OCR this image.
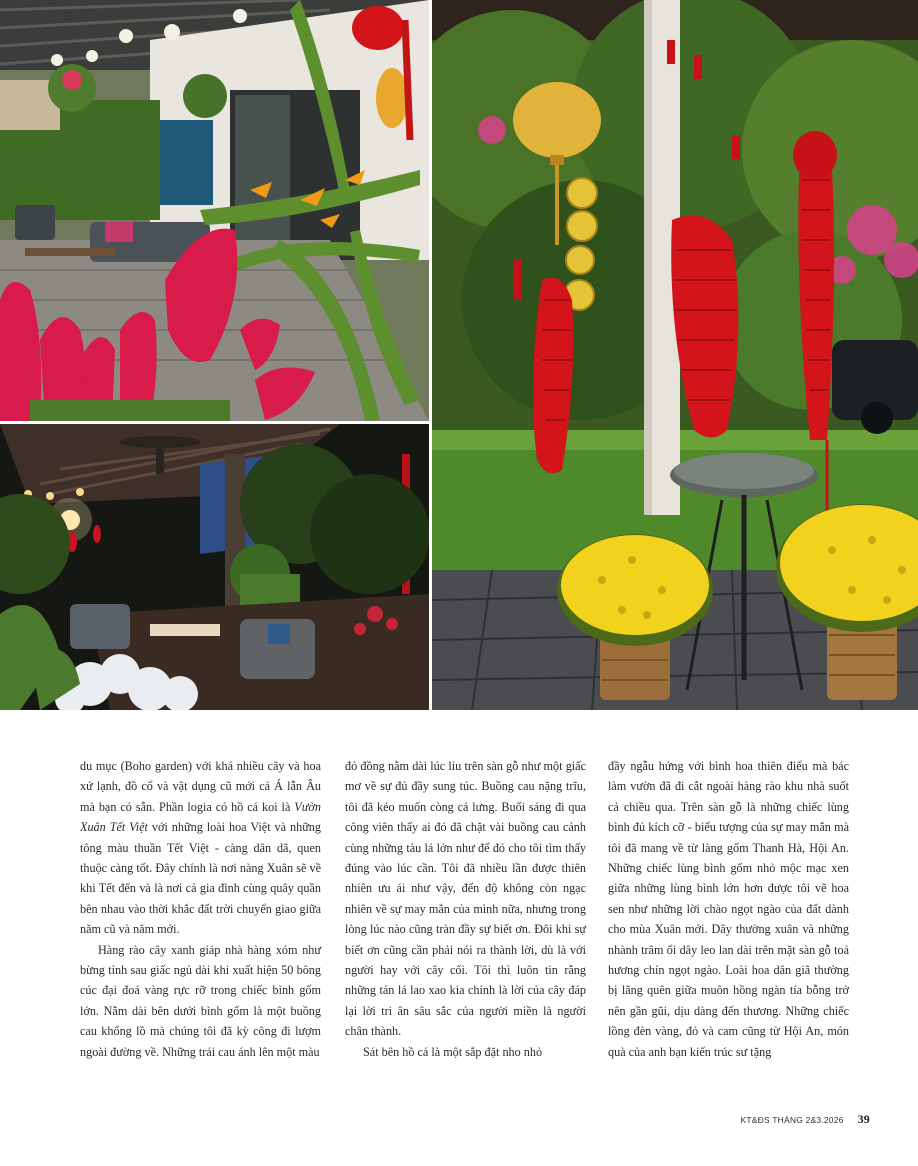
du mục (Boho garden) với khá nhiều cây và hoa xứ lạnh, đồ cổ và vật dụng cũ mới cả Á lẫn Âu mà bạn có sẵn. Phần logia có hồ cá koi là Vườn Xuân Tết Việt với những loài hoa Việt và những tông màu thuần Tết Việt - càng dân dã, quen thuộc càng tốt. Đây chính là nơi nàng Xuân sẽ về khi Tết đến và là nơi cả gia đình cùng quây quần bên nhau vào thời khắc đất trời chuyển giao giữa năm cũ và năm mới.

Hàng rào cây xanh giáp nhà hàng xóm như bừng tỉnh sau giấc ngủ dài khi xuất hiện 50 bông cúc đại đoá vàng rực rỡ trong chiếc bình gốm lớn. Nằm dài bên dưới bình gốm là một buồng cau khổng lồ mà chúng tôi đã kỳ công đi lượm ngoài đường về. Những trái cau ánh lên một màu

đỏ đồng nằm dài lúc lỉu trên sàn gỗ như một giấc mơ về sự đủ đầy sung túc. Buồng cau nặng trĩu, tôi đã kéo muốn còng cả lưng. Buổi sáng đi qua công viên thấy ai đó đã chặt vài buồng cau cảnh cùng những tàu lá lớn như để đó cho tôi tìm thấy đúng vào lúc cần. Tôi đã nhiều lần được thiên nhiên ưu ái như vậy, đến độ không còn ngạc nhiên về sự may mắn của mình nữa, nhưng trong lòng lúc nào cũng tràn đầy sự biết ơn. Đôi khi sự biết ơn cũng cần phải nói ra thành lời, dù là với người hay với cây cối. Tôi thì luôn tin rằng những tán lá lao xao kia chính là lời của cây đáp lại lời tri ân sâu sắc của người miền là người chân thành.

Sát bên hồ cá là một sắp đặt nho nhỏ

đầy ngẫu hứng với bình hoa thiên điểu mà bác làm vườn đã đi cắt ngoài hàng rào khu nhà suốt cả chiều qua. Trên sàn gỗ là những chiếc lùng bình đủ kích cỡ - biểu tượng của sự may mắn mà tôi đã mang về từ làng gốm Thanh Hà, Hội An. Những chiếc lùng bình gốm nhỏ mộc mạc xen giữa những lùng bình lớn hơn được tôi vẽ hoa sen như những lời chào ngọt ngào của đất dành cho mùa Xuân mới. Dây thường xuân và những nhành trâm ổi dây leo lan dài trên mặt sàn gỗ toả hương chín ngọt ngào. Loài hoa dân giã thường bị lãng quên giữa muôn hồng ngàn tía bỗng trở nên gần gũi, dịu dàng đến thương. Những chiếc lồng đèn vàng, đỏ và cam cũng từ Hội An, món quà của anh bạn kiến trúc sư tặng

KT&ĐS THÁNG 2&3.2026 39
